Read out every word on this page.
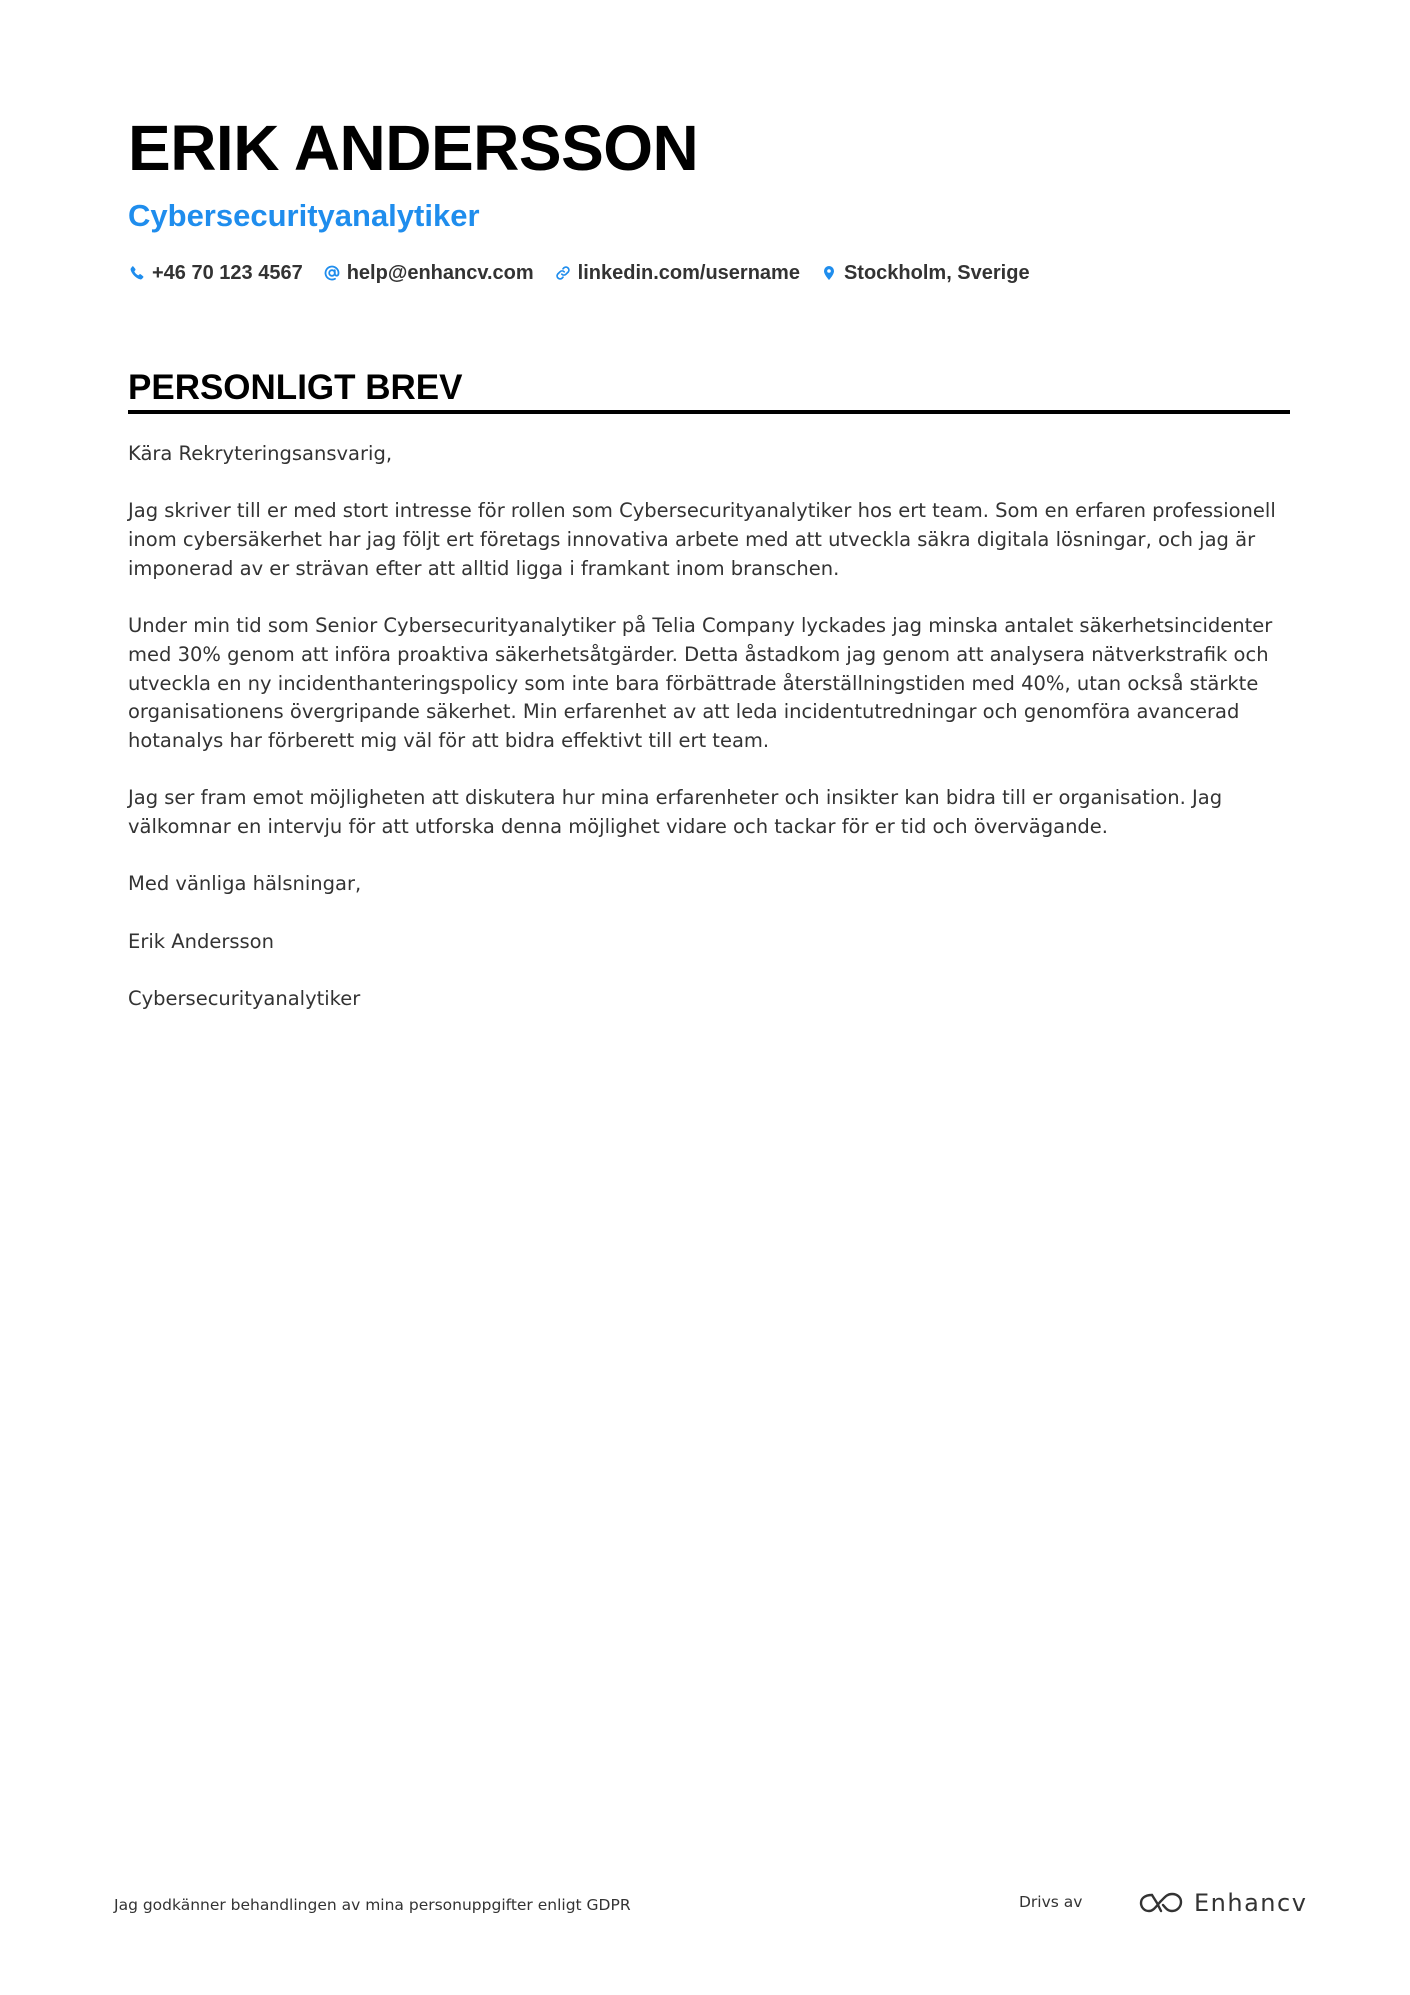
ERIK ANDERSSON
Cybersecurityanalytiker
+46 70 123 4567 help@enhancv.com linkedin.com/username Stockholm, Sverige
PERSONLIGT BREV

Kära Rekryteringsansvarig,

Jag skriver till er med stort intresse för rollen som Cybersecurityanalytiker hos ert team. Som en erfaren professionell inom cybersäkerhet har jag följt ert företags innovativa arbete med att utveckla säkra digitala lösningar, och jag är imponerad av er strävan efter att alltid ligga i framkant inom branschen.

Under min tid som Senior Cybersecurityanalytiker på Telia Company lyckades jag minska antalet säkerhetsincidenter med 30% genom att införa proaktiva säkerhetsåtgärder. Detta åstadkom jag genom att analysera nätverkstrafik och utveckla en ny incidenthanteringspolicy som inte bara förbättrade återställningstiden med 40%, utan också stärkte organisationens övergripande säkerhet. Min erfarenhet av att leda incidentutredningar och genomföra avancerad hotanalys har förberett mig väl för att bidra effektivt till ert team.

Jag ser fram emot möjligheten att diskutera hur mina erfarenheter och insikter kan bidra till er organisation. Jag välkomnar en intervju för att utforska denna möjlighet vidare och tackar för er tid och övervägande.

Med vänliga hälsningar,

Erik Andersson

Cybersecurityanalytiker

Jag godkänner behandlingen av mina personuppgifter enligt GDPR	Drivs av	Enhancv
